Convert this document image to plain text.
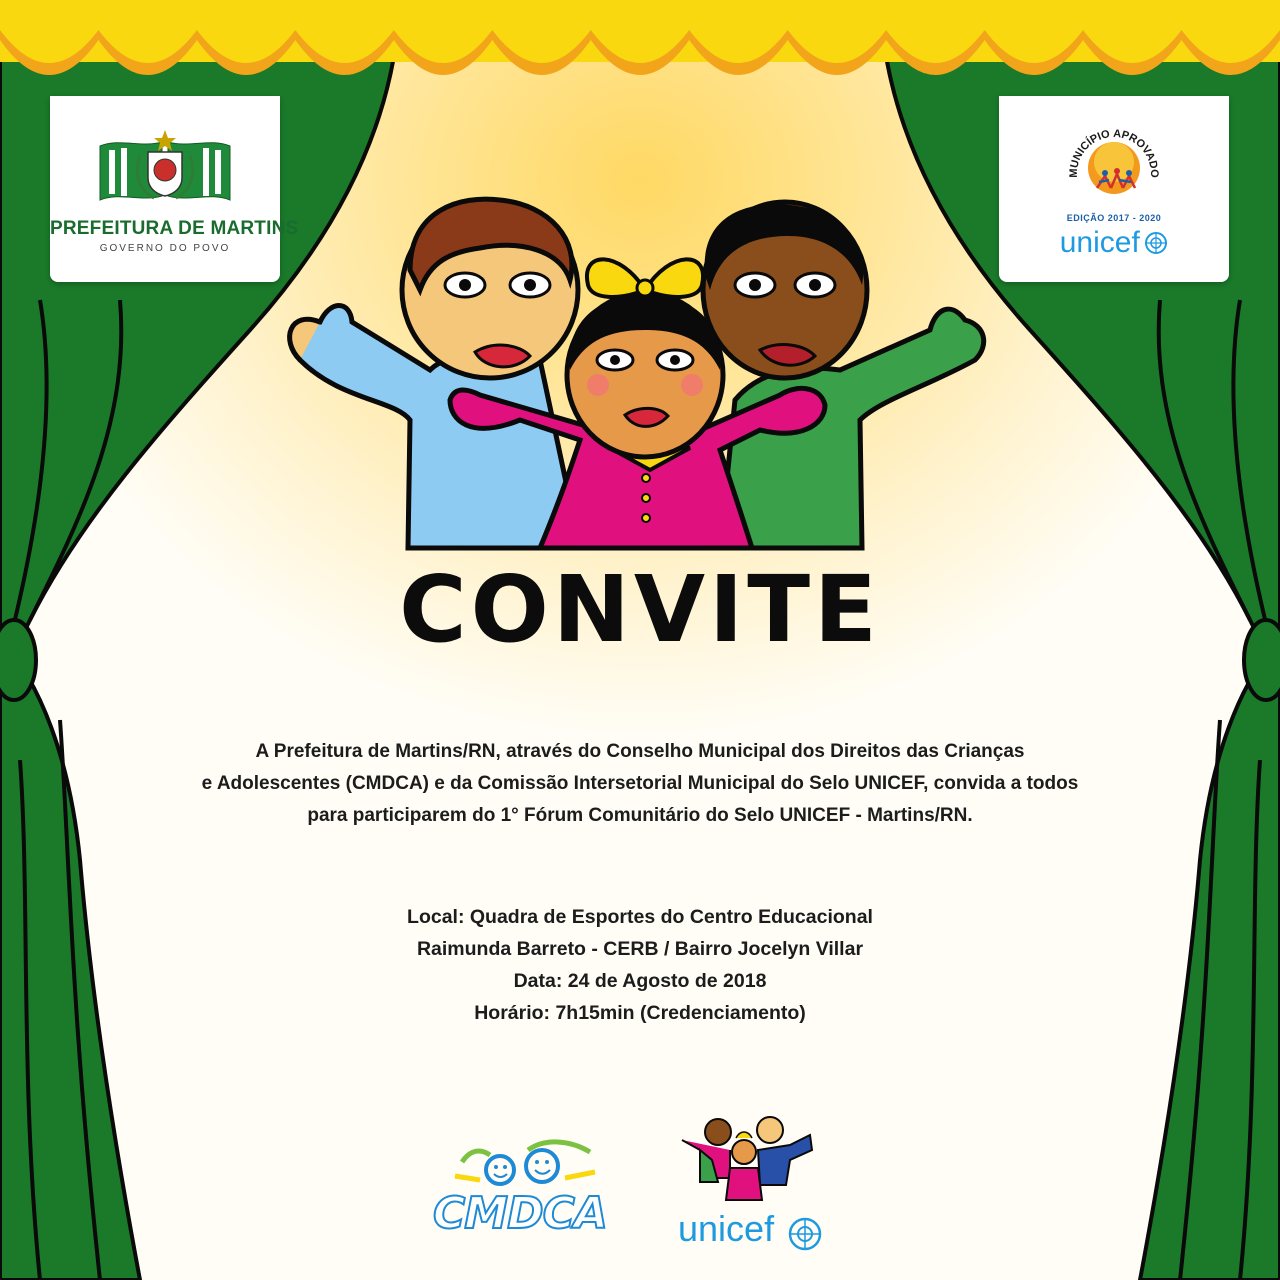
PREFEITURA DE MARTINS
GOVERNO DO POVO
MUNICÍPIO APROVADO
EDIÇÃO 2017 - 2020
unicef
CONVITE
A Prefeitura de Martins/RN, através do Conselho Municipal dos Direitos das Crianças
e Adolescentes (CMDCA) e da Comissão Intersetorial Municipal do Selo UNICEF, convida a todos
para participarem do 1° Fórum Comunitário do Selo UNICEF - Martins/RN.
Local: Quadra de Esportes do Centro Educacional
Raimunda Barreto - CERB / Bairro Jocelyn Villar
Data: 24 de Agosto de 2018
Horário: 7h15min (Credenciamento)
CMDCA unicef
